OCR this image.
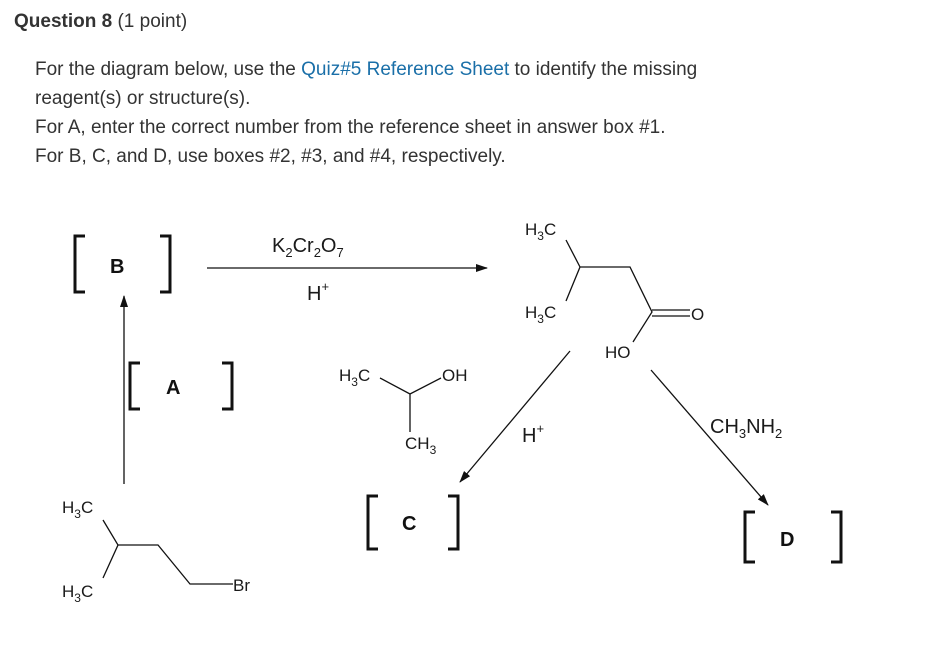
Question 8 (1 point)
For the diagram below, use the Quiz#5 Reference Sheet to identify the missing
reagent(s) or structure(s).
For A, enter the correct number from the reference sheet in answer box #1.
For B, C, and D, use boxes #2, #3, and #4, respectively.
B
A
C
D
$K_2Cr_2O_7$
H+
H+	$CH_3NH_2$
$H_3C$
$H_3C$	Br
$H_3C$
$H_3C$	O
HO
$H_3C$	OH
$CH_3$
